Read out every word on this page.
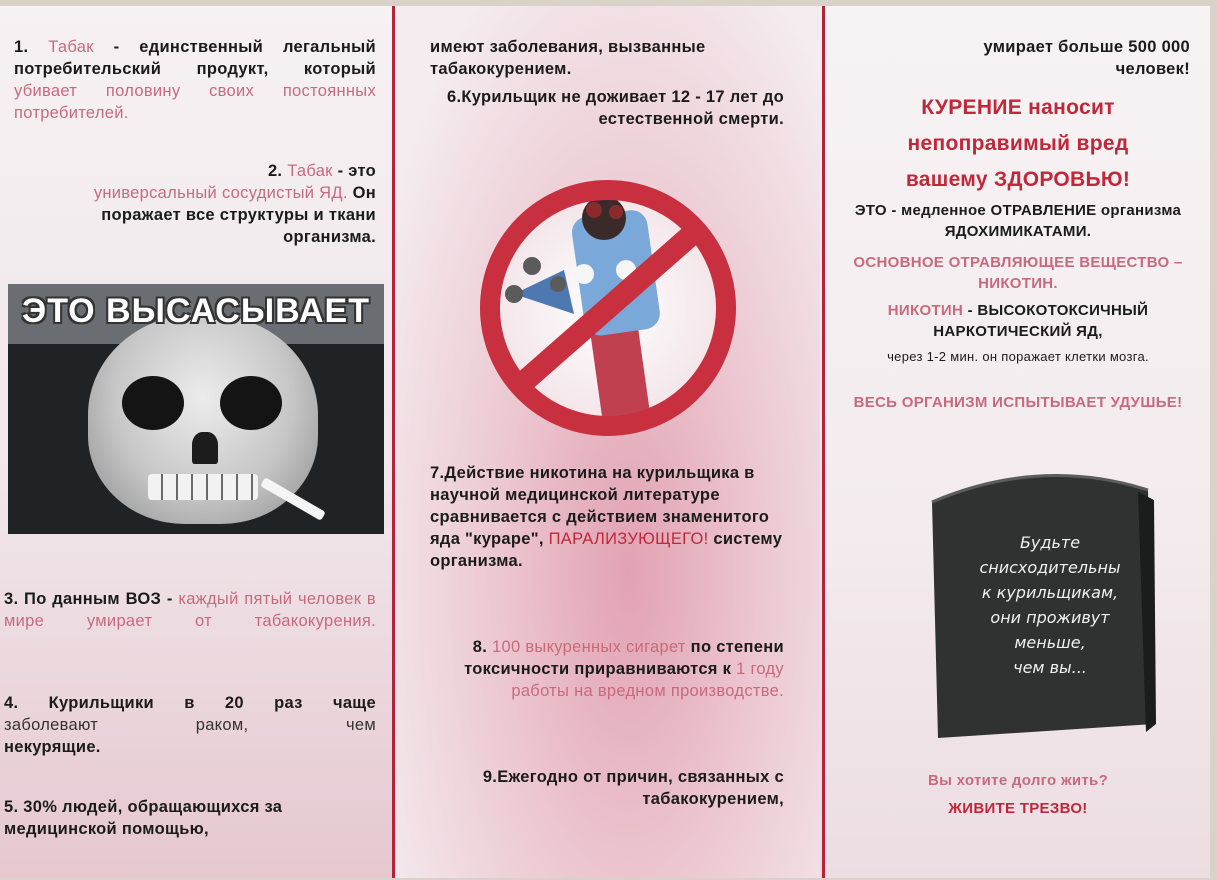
1. Табак - единственный легальный потребительский продукт, который убивает половину своих постоянных потребителей.

2. Табак - это
универсальный сосудистый ЯД. Он поражает все структуры и ткани организма.

ЭТО ВЫСАСЫВАЕТ

3. По данным ВОЗ - каждый пятый человек в мире умирает от табакокурения.

4. Курильщики в 20 раз чаще
заболевают раком, чем
некурящие.

5. 30% людей, обращающихся за медицинской помощью,

имеют заболевания, вызванные табакокурением.

6.Курильщик не доживает 12 - 17 лет до естественной смерти.

7.Действие никотина на курильщика в научной медицинской литературе сравнивается с действием знаменитого яда "кураре", ПАРАЛИЗУЮЩЕГО! систему организма.

8. 100 выкуренных сигарет по степени токсичности приравниваются к 1 году работы на вредном производстве.

9.Ежегодно от причин, связанных с табакокурением,

умирает больше 500 000
человек!

КУРЕНИЕ наносит
непоправимый вред
вашему ЗДОРОВЬЮ!

ЭТО - медленное ОТРАВЛЕНИЕ организма ЯДОХИМИКАТАМИ.

ОСНОВНОЕ ОТРАВЛЯЮЩЕЕ ВЕЩЕСТВО – НИКОТИН.

НИКОТИН - ВЫСОКОТОКСИЧНЫЙ НАРКОТИЧЕСКИЙ ЯД,

через 1-2 мин. он поражает клетки мозга.

ВЕСЬ ОРГАНИЗМ ИСПЫТЫВАЕТ УДУШЬЕ!

Будьте
снисходительны
к курильщикам,
они проживут
меньше,
чем вы...

Вы хотите долго жить?

ЖИВИТЕ ТРЕЗВО!
